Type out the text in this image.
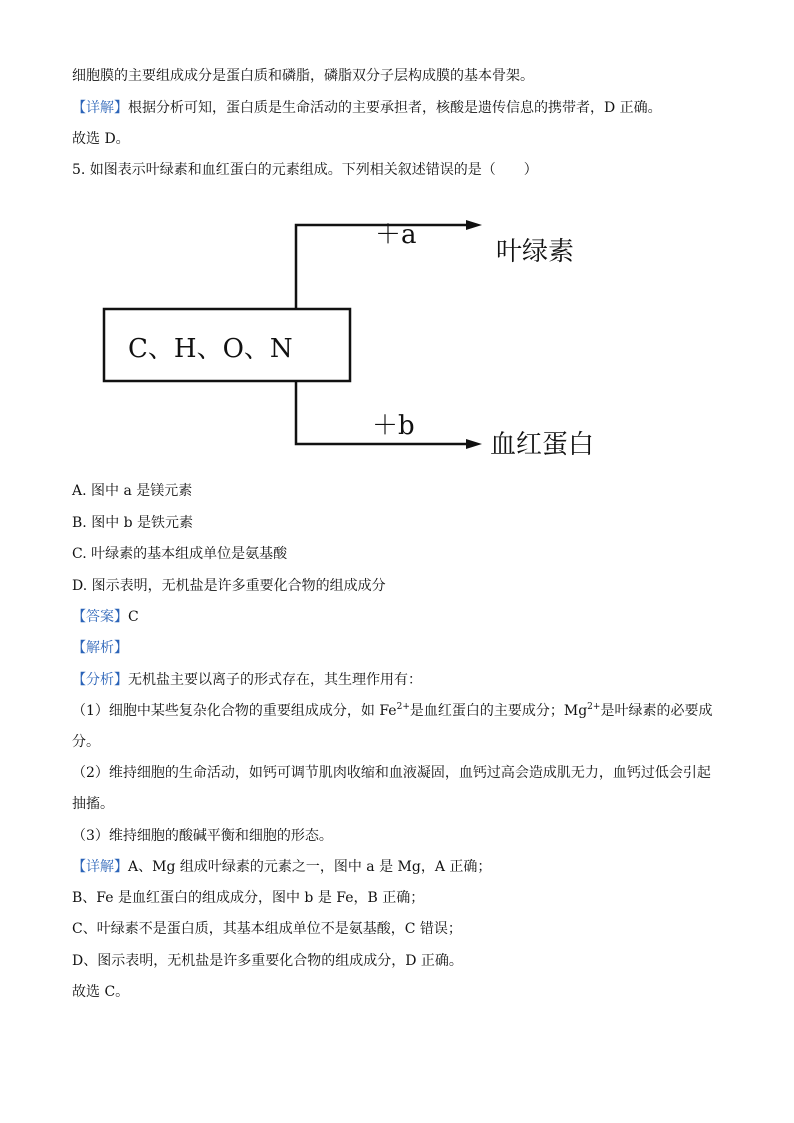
细胞膜的主要组成成分是蛋白质和磷脂，磷脂双分子层构成膜的基本骨架。
【详解】根据分析可知，蛋白质是生命活动的主要承担者，核酸是遗传信息的携带者，D 正确。
故选 D。
5. 如图表示叶绿素和血红蛋白的元素组成。下列相关叙述错误的是（　　）
C、H、O、N
＋a
叶绿素
＋b
血红蛋白
A. 图中 a 是镁元素
B. 图中 b 是铁元素
C. 叶绿素的基本组成单位是氨基酸
D. 图示表明，无机盐是许多重要化合物的组成成分
【答案】C
【解析】
【分析】无机盐主要以离子的形式存在，其生理作用有：
（1）细胞中某些复杂化合物的重要组成成分，如 $Fe^{2+}$是血红蛋白的主要成分；$Mg^{2+}$是叶绿素的必要成
分。
（2）维持细胞的生命活动，如钙可调节肌肉收缩和血液凝固，血钙过高会造成肌无力，血钙过低会引起
抽搐。
（3）维持细胞的酸碱平衡和细胞的形态。
【详解】A、Mg 组成叶绿素的元素之一，图中 a 是 Mg，A 正确；
B、Fe 是血红蛋白的组成成分，图中 b 是 Fe，B 正确；
C、叶绿素不是蛋白质，其基本组成单位不是氨基酸，C 错误；
D、图示表明，无机盐是许多重要化合物的组成成分，D 正确。
故选 C。
